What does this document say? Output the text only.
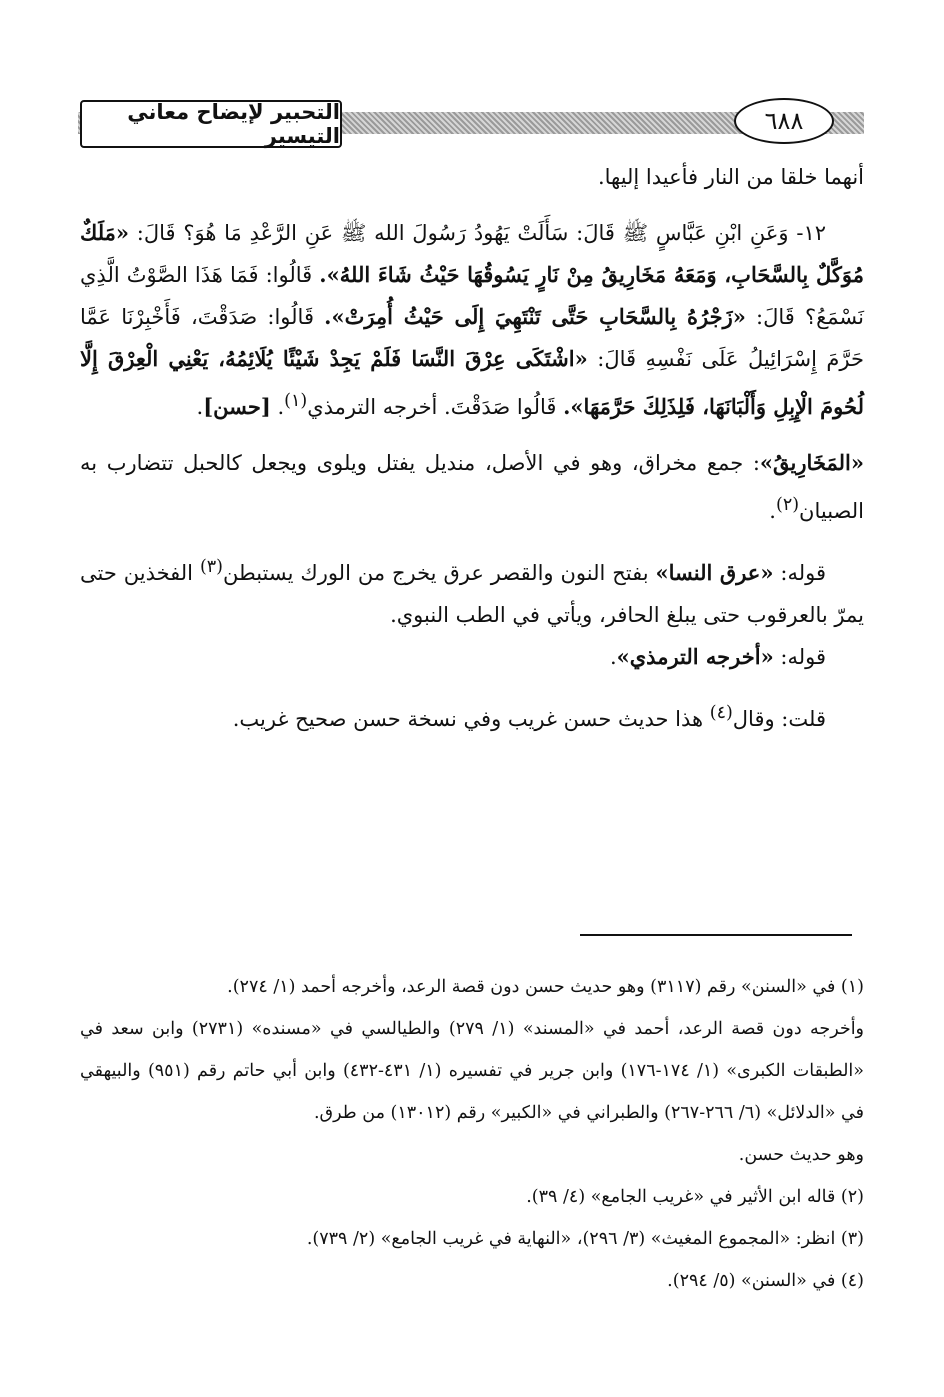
التحبير لإيضاح معاني التيسير
٦٨٨

أنهما خلقا من النار فأعيدا إليها.

١٢- وَعَنِ ابْنِ عَبَّاسٍ ﷺ قَالَ: سَأَلَتْ يَهُودُ رَسُولَ الله ﷺ عَنِ الرَّعْدِ مَا هُوَ؟ قَالَ: «مَلَكٌ مُوَكَّلٌ بِالسَّحَابِ، وَمَعَهُ مَخَارِيقُ مِنْ نَارٍ يَسُوقُهَا حَيْثُ شَاءَ اللهُ». قَالُوا: فَمَا هَذَا الصَّوْتُ الَّذِي نَسْمَعُ؟ قَالَ: «زَجْرُهُ بِالسَّحَابِ حَتَّى تَنْتَهِيَ إِلَى حَيْثُ أُمِرَتْ». قَالُوا: صَدَقْتَ، فَأَخْبِرْنَا عَمَّا حَرَّمَ إِسْرَائِيلُ عَلَى نَفْسِهِ قَالَ: «اشْتَكَى عِرْقَ النَّسَا فَلَمْ يَجِدْ شَيْئًا يُلَائِمُهُ، يَعْنِي الْعِرْقَ إِلَّا لُحُومَ الْإِبِلِ وَأَلْبَانَهَا، فَلِذَلِكَ حَرَّمَهَا». قَالُوا صَدَقْتَ. أخرجه الترمذي$^{(١)}$. [حسن].

«المَخَارِيقُ»: جمع مخراق، وهو في الأصل، منديل يفتل ويلوى ويجعل كالحبل تتضارب به الصبيان$^{(٢)}$.

قوله: «عرق النسا» بفتح النون والقصر عرق يخرج من الورك يستبطن$^{(٣)}$ الفخذين حتى يمرّ بالعرقوب حتى يبلغ الحافر، ويأتي في الطب النبوي.

قوله: «أخرجه الترمذي».

قلت: وقال$^{(٤)}$ هذا حديث حسن غريب وفي نسخة حسن صحيح غريب.

(١) في «السنن» رقم (٣١١٧) وهو حديث حسن دون قصة الرعد، وأخرجه أحمد (١/ ٢٧٤).

وأخرجه دون قصة الرعد، أحمد في «المسند» (١/ ٢٧٩) والطيالسي في «مسنده» (٢٧٣١) وابن سعد في «الطبقات الكبرى» (١/ ١٧٤-١٧٦) وابن جرير في تفسيره (١/ ٤٣١-٤٣٢) وابن أبي حاتم رقم (٩٥١) والبيهقي في «الدلائل» (٦/ ٢٦٦-٢٦٧) والطبراني في «الكبير» رقم (١٣٠١٢) من طرق.

وهو حديث حسن.

(٢) قاله ابن الأثير في «غريب الجامع» (٤/ ٣٩).

(٣) انظر: «المجموع المغيث» (٣/ ٢٩٦)، «النهاية في غريب الجامع» (٢/ ٧٣٩).

(٤) في «السنن» (٥/ ٢٩٤).
